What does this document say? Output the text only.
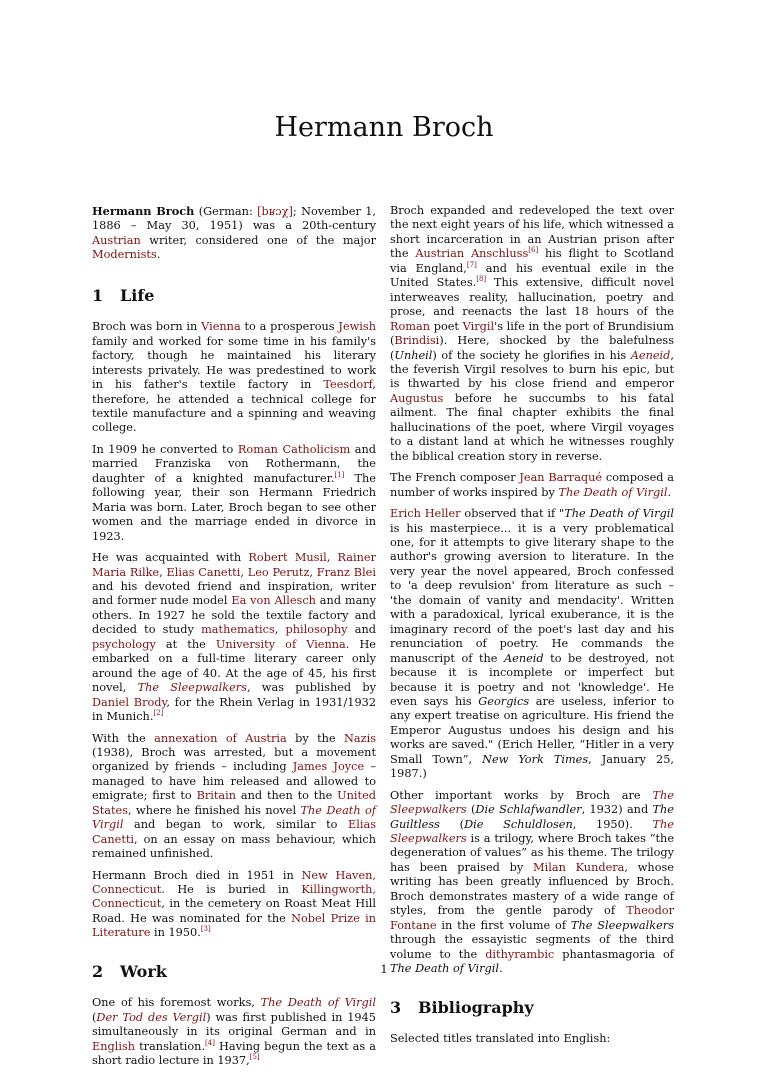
Hermann Broch

Hermann Broch (German: [bʁɔχ]; November 1, 1886 – May 30, 1951) was a 20th-century Austrian writer, considered one of the major Modernists.

1 Life

Broch was born in Vienna to a prosperous Jewish family and worked for some time in his family's factory, though he maintained his literary interests privately. He was predestined to work in his father's textile factory in Teesdorf, therefore, he attended a technical college for textile manufacture and a spinning and weaving college.

In 1909 he converted to Roman Catholicism and married Franziska von Rothermann, the daughter of a knighted manufacturer.[1] The following year, their son Hermann Friedrich Maria was born. Later, Broch began to see other women and the marriage ended in divorce in 1923.

He was acquainted with Robert Musil, Rainer Maria Rilke, Elias Canetti, Leo Perutz, Franz Blei and his devoted friend and inspiration, writer and former nude model Ea von Allesch and many others. In 1927 he sold the textile factory and decided to study mathematics, philosophy and psychology at the University of Vienna. He embarked on a full-time literary career only around the age of 40. At the age of 45, his first novel, The Sleepwalkers, was published by Daniel Brody, for the Rhein Verlag in 1931/1932 in Munich.[2]

With the annexation of Austria by the Nazis (1938), Broch was arrested, but a movement organized by friends – including James Joyce – managed to have him released and allowed to emigrate; first to Britain and then to the United States, where he finished his novel The Death of Virgil and began to work, similar to Elias Canetti, on an essay on mass behaviour, which remained unfinished.

Hermann Broch died in 1951 in New Haven, Connecticut. He is buried in Killingworth, Connecticut, in the cemetery on Roast Meat Hill Road. He was nominated for the Nobel Prize in Literature in 1950.[3]

2 Work

One of his foremost works, The Death of Virgil (Der Tod des Vergil) was first published in 1945 simultaneously in its original German and in English translation.[4] Having begun the text as a short radio lecture in 1937,[5]

Broch expanded and redeveloped the text over the next eight years of his life, which witnessed a short incarceration in an Austrian prison after the Austrian Anschluss[6] his flight to Scotland via England,[7] and his eventual exile in the United States.[8] This extensive, difficult novel interweaves reality, hallucination, poetry and prose, and reenacts the last 18 hours of the Roman poet Virgil's life in the port of Brundisium (Brindisi). Here, shocked by the balefulness (Unheil) of the society he glorifies in his Aeneid, the feverish Virgil resolves to burn his epic, but is thwarted by his close friend and emperor Augustus before he succumbs to his fatal ailment. The final chapter exhibits the final hallucinations of the poet, where Virgil voyages to a distant land at which he witnesses roughly the biblical creation story in reverse.

The French composer Jean Barraqué composed a number of works inspired by The Death of Virgil.

Erich Heller observed that if "The Death of Virgil is his masterpiece... it is a very problematical one, for it attempts to give literary shape to the author's growing aversion to literature. In the very year the novel appeared, Broch confessed to 'a deep revulsion' from literature as such – 'the domain of vanity and mendacity'. Written with a paradoxical, lyrical exuberance, it is the imaginary record of the poet's last day and his renunciation of poetry. He commands the manuscript of the Aeneid to be destroyed, not because it is incomplete or imperfect but because it is poetry and not 'knowledge'. He even says his Georgics are useless, inferior to any expert treatise on agriculture. His friend the Emperor Augustus undoes his design and his works are saved." (Erich Heller, “Hitler in a very Small Town”, New York Times, January 25, 1987.)

Other important works by Broch are The Sleepwalkers (Die Schlafwandler, 1932) and The Guiltless (Die Schuldlosen, 1950). The Sleepwalkers is a trilogy, where Broch takes “the degeneration of values” as his theme. The trilogy has been praised by Milan Kundera, whose writing has been greatly influenced by Broch. Broch demonstrates mastery of a wide range of styles, from the gentle parody of Theodor Fontane in the first volume of The Sleepwalkers through the essayistic segments of the third volume to the dithyrambic phantasmagoria of The Death of Virgil.

3 Bibliography

Selected titles translated into English:

1
